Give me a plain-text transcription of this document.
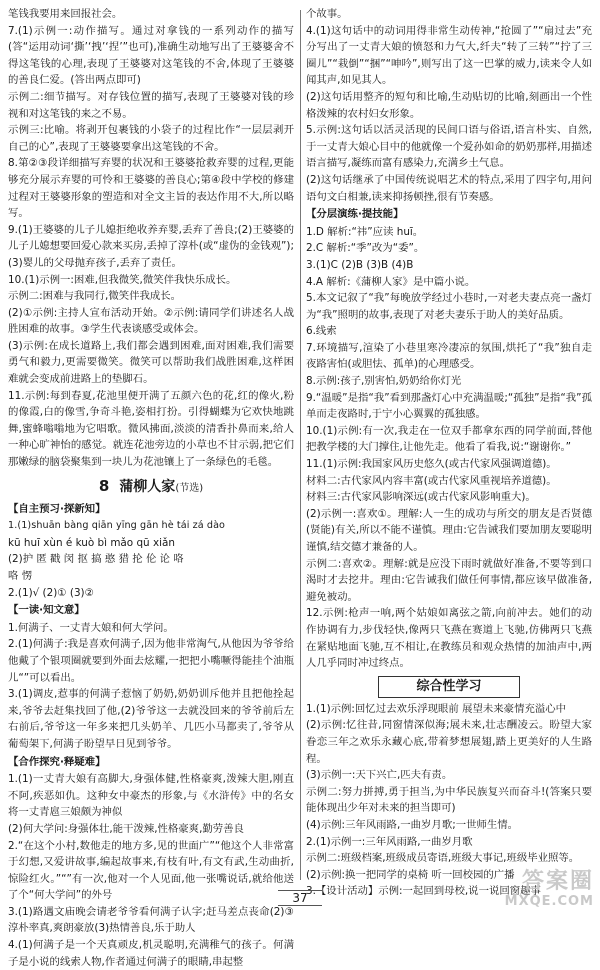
笔钱我要用来回报社会。

7.(1)示例一:动作描写。通过对拿钱的一系列动作的描写(答“运用动词‘撕’‘拽’‘捏’”也可),准确生动地写出了王婆婆舍不得这笔钱的心理,表现了王婆婆对这笔钱的不舍,体现了王婆婆的善良仁爱。(答出两点即可)

示例二:细节描写。对存钱位置的描写,表现了王婆婆对钱的珍视和对这笔钱的来之不易。

示例三:比喻。将剥开包裹钱的小袋子的过程比作“一层层剥开自己的心”,表现了王婆婆要拿出这笔钱的不舍。

8.第②③段详细描写弃婴的状况和王婆婆抢救弃婴的过程,更能够充分展示弃婴的可怜和王婆婆的善良心;第④段中学校的修建过程对王婆婆形象的塑造和对全文主旨的表达作用不大,所以略写。

9.(1)王婆婆的儿子儿媳拒绝收养弃婴,丢弃了善良;(2)王婆婆的儿子儿媳想要回爱心款来买房,丢掉了淳朴(或“虚伪的金钱观”);(3)婴儿的父母抛弃孩子,丢弃了责任。

10.(1)示例一:困难,但我微笑,微笑伴我快乐成长。

示例二:困难与我同行,微笑伴我成长。

(2)①示例:主持人宣布活动开始。②示例:请同学们讲述名人战胜困难的故事。③学生代表谈感受或体会。

(3)示例:在成长道路上,我们都会遇到困难,面对困难,我们需要勇气和毅力,更需要微笑。微笑可以帮助我们战胜困难,这样困难就会变成前进路上的垫脚石。

11.示例:每到春夏,花池里便开满了五颜六色的花,红的像火,粉的像霞,白的像雪,争奇斗艳,姿相打扮。引得蝴蝶为它欢快地跳舞,蜜蜂嗡嗡地为它唱歌。微风拂面,淡淡的清香扑鼻而来,给人一种心旷神怡的感觉。就连花池旁边的小草也不甘示弱,把它们那嫩绿的脑袋聚集到一块儿为花池镶上了一条绿色的毛毯。

8 蒲柳人家(节选)
【自主预习·探新知】

1.(1)shuān bàng qiān yīng gān hè tái zá dào

kū huī xùn é kuò bì mǎo qū xiǎn

(2)护 匿 戳 闵 抠 搞 憨 猎 抡 伦 论 咯

咯 愣

2.(1)√ (2)① (3)②

【一读·知文意】

1.何满子、一丈青大娘和何大学问。

2.(1)何满子:我是喜欢何满子,因为他非常淘气,从他因为爷爷给他戴了个银项圈就要到外面去炫耀,一把把小嘴噘得能挂个油瓶儿“”可以看出。

3.(1)调皮,惹事的何满子惹恼了奶奶,奶奶训斥他并且把他拴起来,爷爷去赶集找回了他,(2)爷爷这一去就没回来的爷爷前后左右前后,爷爷这一年多来把几头奶羊、几匹小马都卖了,爷爷从葡萄架下,何满子盼望早日见到爷爷。

【合作探究·释疑难】

1.(1)一丈青大娘有高脚大,身强体健,性格豪爽,泼辣大胆,刚直不阿,疾恶如仇。这种女中豪杰的形象,与《水浒传》中的名女将一丈青扈三娘颇为神似

(2)何大学问:身强体壮,能干泼辣,性格豪爽,勤劳善良

2.“在这个小村,数他走的地方多,见的世面广”“他这个人非常富于幻想,又爱讲故事,编起故事来,有枝有叶,有文有武,生动曲折,惊险红火。”“”有一次,他对一个人见面,他一张嘴说话,就给他送了个“何大学问”的外号

3.(1)路遇文庙晚会请老爷爷看何满子认字;赶马差点丧命(2)③淳朴率真,爽朗豪放(3)热情善良,乐于助人

4.(1)何满子是一个天真顽皮,机灵聪明,充满稚气的孩子。何满子是小说的线索人物,作者通过何满子的眼睛,串起整

个故事。

4.(1)这句话中的动词用得非常生动传神,“抢圆了”“扇过去”充分写出了一丈青大娘的愤怒和力气大,纤夫“转了三转”“拧了三圈儿”“栽倒”“捆”“呻吟”,则写出了这一巴掌的威力,读来令人如闻其声,如见其人。

(2)这句话用整齐的短句和比喻,生动贴切的比喻,刻画出一个性格泼辣的农村妇女形象。

5.示例:这句话以活灵活现的民间口语与俗语,语言朴实、自然,于一丈青大娘心目中的他就像一个爱孙如命的奶奶那样,用描述语言描写,凝练而富有感染力,充满乡土气息。

(2)这句话继承了中国传统说唱艺术的特点,采用了四字句,用问语句文白相兼,读来抑扬顿挫,很有节奏感。

【分层演练·提技能】

1.D 解析:“祎”应读 huī。

2.C 解析:“季”改为“委”。

3.(1)C (2)B (3)B (4)B

4.A 解析:《蒲柳人家》是中篇小说。

5.本文记叙了“我”每晚放学经过小巷时,一对老夫妻点亮一盏灯为“我”照明的故事,表现了对老夫妻乐于助人的美好品质。

6.线索

7.环境描写,渲染了小巷里寒冷凄凉的氛围,烘托了“我”独自走夜路害怕(或胆怯、孤单)的心理感受。

8.示例:孩子,别害怕,奶奶给你灯光

9.“温暖”是指“我”看到那盏灯心中充满温暖;“孤独”是指“我”孤单而走夜路时,于宁小心翼翼的孤独感。

10.(1)示例:有一次,我走在一位双手都拿东西的同学前面,替他把教学楼的大门撑住,让他先走。他看了看我,说:“谢谢你。”

11.(1)示例:我国家风历史悠久(或古代家风强调道德)。

材料二:古代家风内容丰富(或古代家风重视培养道德)。

材料三:古代家风影响深远(或古代家风影响重大)。

(2)示例一:喜欢①。理解:人一生的成功与所交的朋友是否贤德(贤能)有关,所以不能不谨慎。理由:它告诫我们要加朋友要聪明谨慎,结交德才兼备的人。

示例二:喜欢②。理解:就是应没下雨时就做好准备,不要等到口渴时才去挖井。理由:它告诫我们做任何事情,都应该早做准备,避免被动。

12.示例:枪声一响,两个姑娘如离弦之箭,向前冲去。她们的动作协调有力,步伐轻快,像两只飞燕在赛道上飞驰,仿佛两只飞燕在紧贴地面飞驰,互不相让,在教练员和观众热情的加油声中,两人几乎同时冲过终点。

综合性学习

1.(1)示例:回忆过去欢乐浮现眼前 展望未来豪情充溢心中

(2)示例:忆往昔,同窗情深似海;展未来,壮志酬凌云。盼望大家眷恋三年之欢乐永藏心底,带着梦想展翅,踏上更美好的人生路程。

(3)示例一:天下兴亡,匹夫有责。

示例二:努力拼搏,勇于担当,为中华民族复兴而奋斗!(答案只要能体现出少年对未来的担当即可)

(4)示例:三年风雨路,一曲岁月歌;一世师生情。

2.(1)示例一:三年风雨路,一曲岁月歌

示例二:班级档案,班级成员寄语,班级大事记,班级毕业照等。

(2)示例:换一把同学的桌椅 听一回校园的广播

3.【设计活动】示例:一起回到母校,说一说回窗趣事

37
答案圈
MXQE.COM
